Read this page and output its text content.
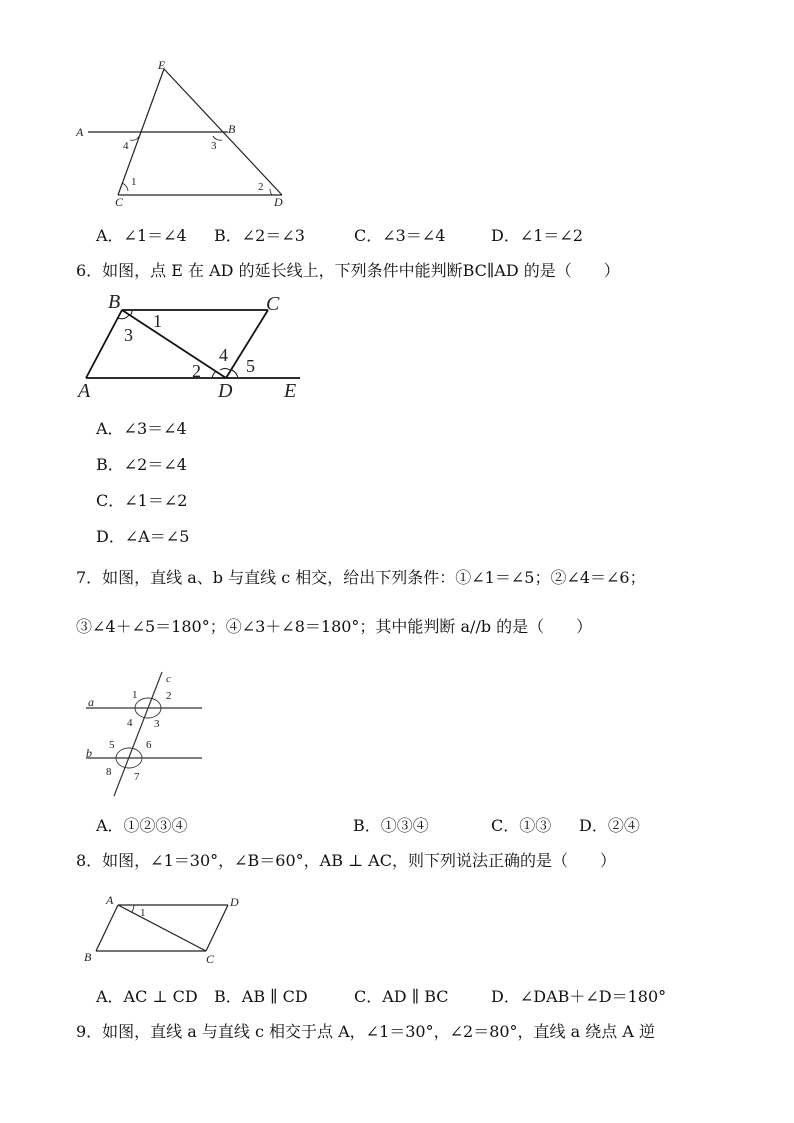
E
A	B
C	D
4	3
1	2
A．∠1＝∠4 B．∠2＝∠3	C．∠3＝∠4	D．∠1＝∠2
6．如图，点 E 在 AD 的延长线上，下列条件中能判断BC∥AD 的是（　　）
B	C
A	D	E
1
3
2
4
5
A．∠3＝∠4
B．∠2＝∠4
C．∠1＝∠2
D．∠A＝∠5
7．如图，直线 a、b 与直线 c 相交，给出下列条件：①∠1＝∠5；②∠4＝∠6；
③∠4＋∠5＝180°；④∠3＋∠8＝180°；其中能判断 a//b 的是（　　）
a
b
c
1	2
3
4
5	6
7
8
A．①②③④	B．①③④	C．①③ D．②④
8．如图，∠1＝30°，∠B＝60°，AB ⊥ AC，则下列说法正确的是（　　）
A	D
B	C
1
A．AC ⊥ CD B．AB ∥ CD	C．AD ∥ BC	D．∠DAB＋∠D＝180°
9．如图，直线 a 与直线 c 相交于点 A，∠1＝30°，∠2＝80°，直线 a 绕点 A 逆
